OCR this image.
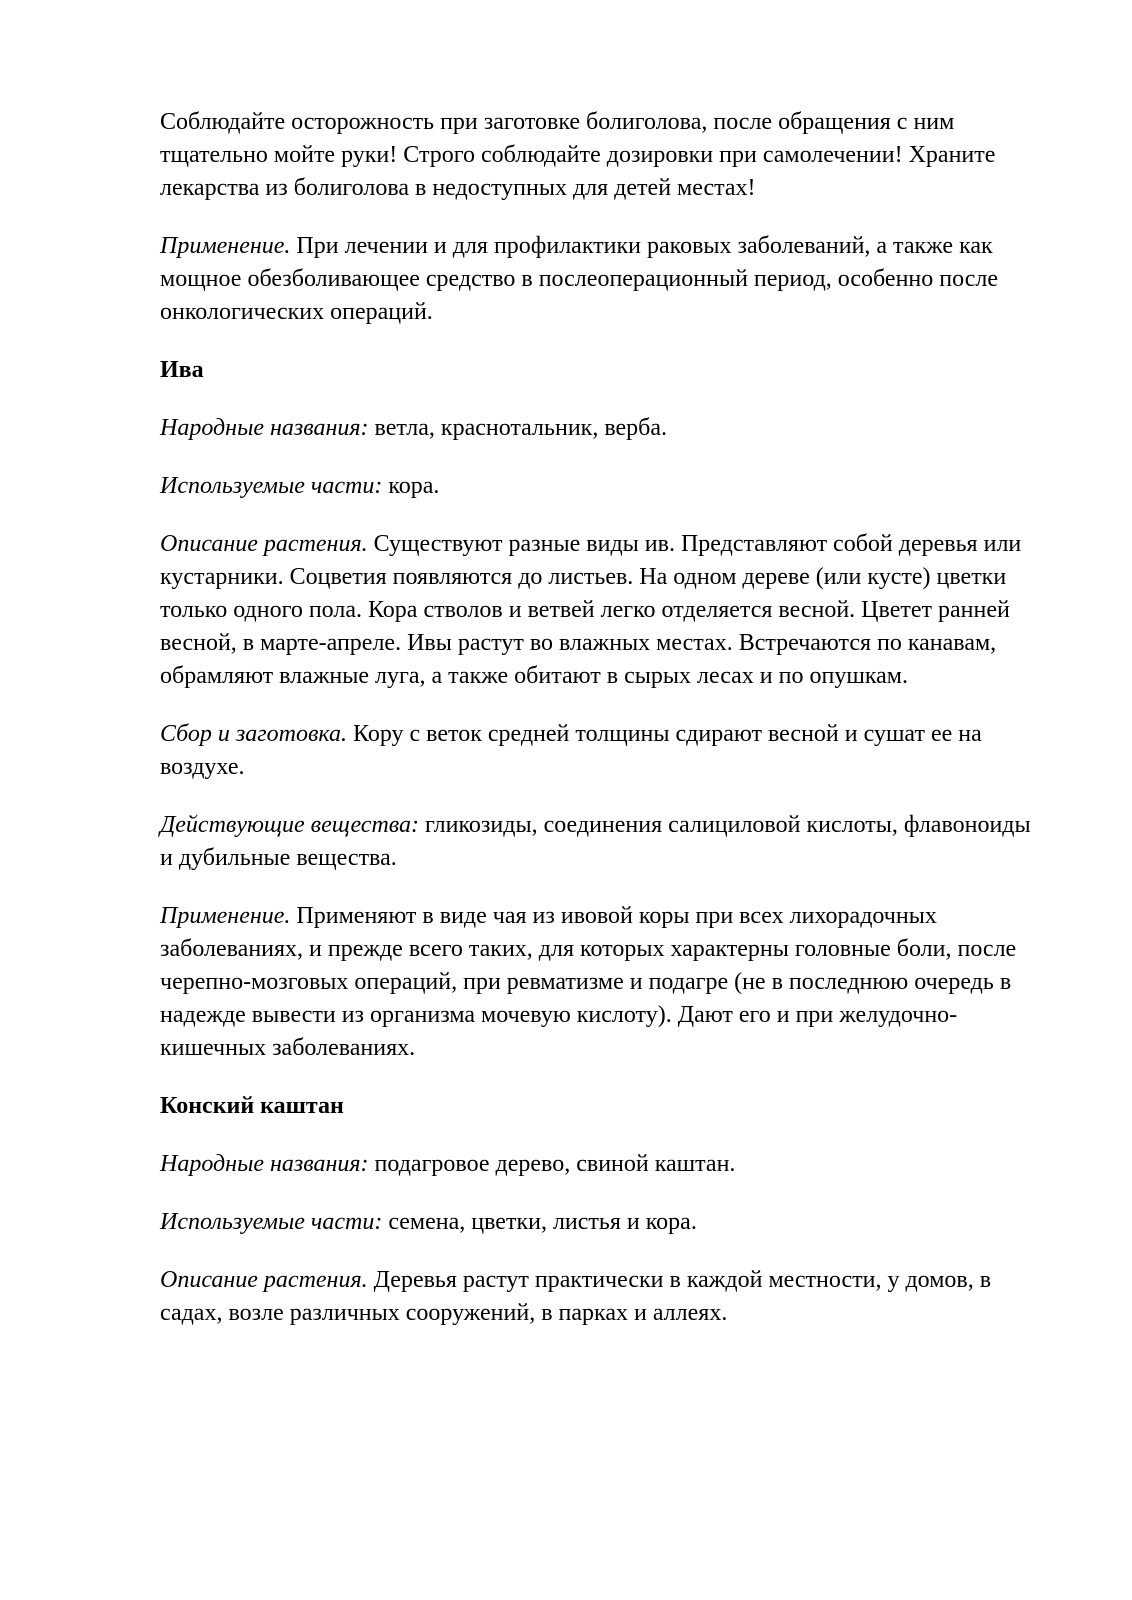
Соблюдайте осторожность при заготовке болиголова, после обращения с ним тщательно мойте руки! Строго соблюдайте дозировки при самолечении! Храните лекарства из болиголова в недоступных для детей местах!

Применение. При лечении и для профилактики раковых заболеваний, а также как мощное обезболивающее средство в послеоперационный период, особенно после онкологических операций.

Ива

Народные названия: ветла, краснотальник, верба.

Используемые части: кора.

Описание растения. Существуют разные виды ив. Представляют собой деревья или кустарники. Соцветия появляются до листьев. На одном дереве (или кусте) цветки только одного пола. Кора стволов и ветвей легко отделяется весной. Цветет ранней весной, в марте-апреле. Ивы растут во влажных местах. Встречаются по канавам, обрамляют влажные луга, а также обитают в сырых лесах и по опушкам.

Сбор и заготовка. Кору с веток средней толщины сдирают весной и сушат ее на воздухе.

Действующие вещества: гликозиды, соединения салициловой кислоты, флавоноиды и дубильные вещества.

Применение. Применяют в виде чая из ивовой коры при всех лихорадочных заболеваниях, и прежде всего таких, для которых характерны головные боли, после черепно-мозговых операций, при ревматизме и подагре (не в последнюю очередь в надежде вывести из организма мочевую кислоту). Дают его и при желудочно-кишечных заболеваниях.

Конский каштан

Народные названия: подагровое дерево, свиной каштан.

Используемые части: семена, цветки, листья и кора.

Описание растения. Деревья растут практически в каждой местности, у домов, в садах, возле различных сооружений, в парках и аллеях.
